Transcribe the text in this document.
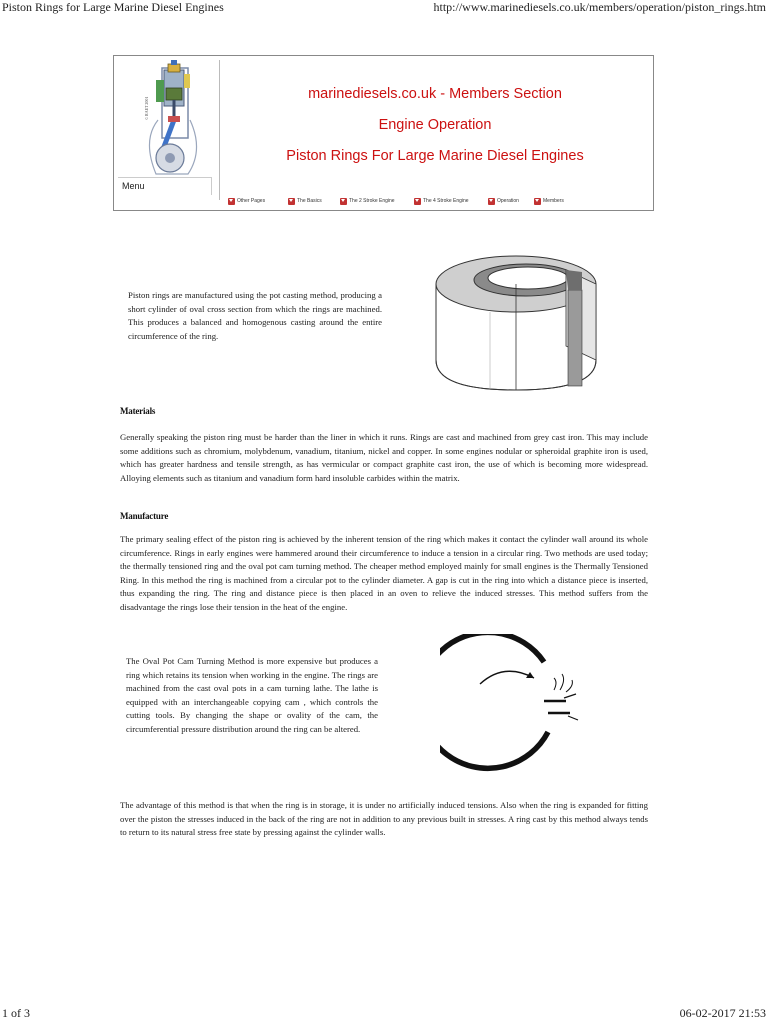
Piston Rings for Large Marine Diesel Engines	http://www.marinediesels.co.uk/members/operation/piston_rings.htm
1 of 3	06-02-2017 21:53
© RAET 2001
Menu
marinediesels.co.uk - Members Section
Engine Operation
Piston Rings For Large Marine Diesel Engines
Other Pages	The Basics	The 2 Stroke Engine	The 4 Stroke Engine	Operation	Members
Piston rings are manufactured using the pot casting method, producing a short cylinder of oval cross section from which the rings are machined. This produces a balanced and homogenous casting around the entire circumference of the ring.
Materials
Generally speaking the piston ring must be harder than the liner in which it runs. Rings are cast and machined from grey cast iron. This may include some additions such as chromium, molybdenum, vanadium, titanium, nickel and copper. In some engines nodular or spheroidal graphite iron is used, which has greater hardness and tensile strength, as has vermicular or compact graphite cast iron, the use of which is becoming more widespread. Alloying elements such as titanium and vanadium form hard insoluble carbides within the matrix.
Manufacture
The primary sealing effect of the piston ring is achieved by the inherent tension of the ring which makes it contact the cylinder wall around its whole circumference. Rings in early engines were hammered around their circumference to induce a tension in a circular ring. Two methods are used today; the thermally tensioned ring and the oval pot cam turning method. The cheaper method employed mainly for small engines is the Thermally Tensioned Ring. In this method the ring is machined from a circular pot to the cylinder diameter. A gap is cut in the ring into which a distance piece is inserted, thus expanding the ring. The ring and distance piece is then placed in an oven to relieve the induced stresses. This method suffers from the disadvantage the rings lose their tension in the heat of the engine.
The Oval Pot Cam Turning Method is more expensive but produces a ring which retains its tension when working in the engine. The rings are machined from the cast oval pots in a cam turning lathe. The lathe is equipped with an interchangeable copying cam , which controls the cutting tools. By changing the shape or ovality of the cam, the circumferential pressure distribution around the ring can be altered.
The advantage of this method is that when the ring is in storage, it is under no artificially induced tensions. Also when the ring is expanded for fitting over the piston the stresses induced in the back of the ring are not in addition to any previous built in stresses. A ring cast by this method always tends to return to its natural stress free state by pressing against the cylinder walls.
